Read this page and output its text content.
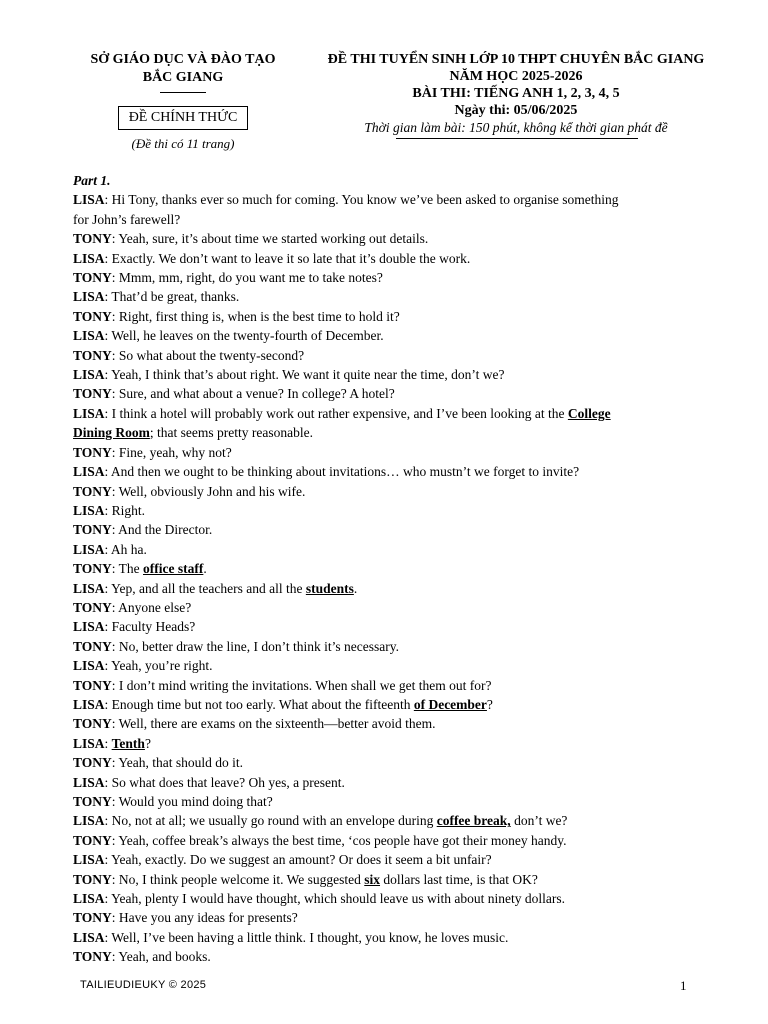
SỞ GIÁO DỤC VÀ ĐÀO TẠO
BẮC GIANG
ĐỀ CHÍNH THỨC
(Đề thi có 11 trang)
ĐỀ THI TUYỂN SINH LỚP 10 THPT CHUYÊN BẮC GIANG
NĂM HỌC 2025-2026
BÀI THI: TIẾNG ANH 1, 2, 3, 4, 5
Ngày thi: 05/06/2025
Thời gian làm bài: 150 phút, không kể thời gian phát đề
Part 1.
LISA: Hi Tony, thanks ever so much for coming. You know we’ve been asked to organise something
for John’s farewell?
TONY: Yeah, sure, it’s about time we started working out details.
LISA: Exactly. We don’t want to leave it so late that it’s double the work.
TONY: Mmm, mm, right, do you want me to take notes?
LISA: That’d be great, thanks.
TONY: Right, first thing is, when is the best time to hold it?
LISA: Well, he leaves on the twenty-fourth of December.
TONY: So what about the twenty-second?
LISA: Yeah, I think that’s about right. We want it quite near the time, don’t we?
TONY: Sure, and what about a venue? In college? A hotel?
LISA: I think a hotel will probably work out rather expensive, and I’ve been looking at the College
Dining Room; that seems pretty reasonable.
TONY: Fine, yeah, why not?
LISA: And then we ought to be thinking about invitations… who mustn’t we forget to invite?
TONY: Well, obviously John and his wife.
LISA: Right.
TONY: And the Director.
LISA: Ah ha.
TONY: The office staff.
LISA: Yep, and all the teachers and all the students.
TONY: Anyone else?
LISA: Faculty Heads?
TONY: No, better draw the line, I don’t think it’s necessary.
LISA: Yeah, you’re right.
TONY: I don’t mind writing the invitations. When shall we get them out for?
LISA: Enough time but not too early. What about the fifteenth of December?
TONY: Well, there are exams on the sixteenth—better avoid them.
LISA: Tenth?
TONY: Yeah, that should do it.
LISA: So what does that leave? Oh yes, a present.
TONY: Would you mind doing that?
LISA: No, not at all; we usually go round with an envelope during coffee break, don’t we?
TONY: Yeah, coffee break’s always the best time, ‘cos people have got their money handy.
LISA: Yeah, exactly. Do we suggest an amount? Or does it seem a bit unfair?
TONY: No, I think people welcome it. We suggested six dollars last time, is that OK?
LISA: Yeah, plenty I would have thought, which should leave us with about ninety dollars.
TONY: Have you any ideas for presents?
LISA: Well, I’ve been having a little think. I thought, you know, he loves music.
TONY: Yeah, and books.
TAILIEUDIEUKY © 2025	1
